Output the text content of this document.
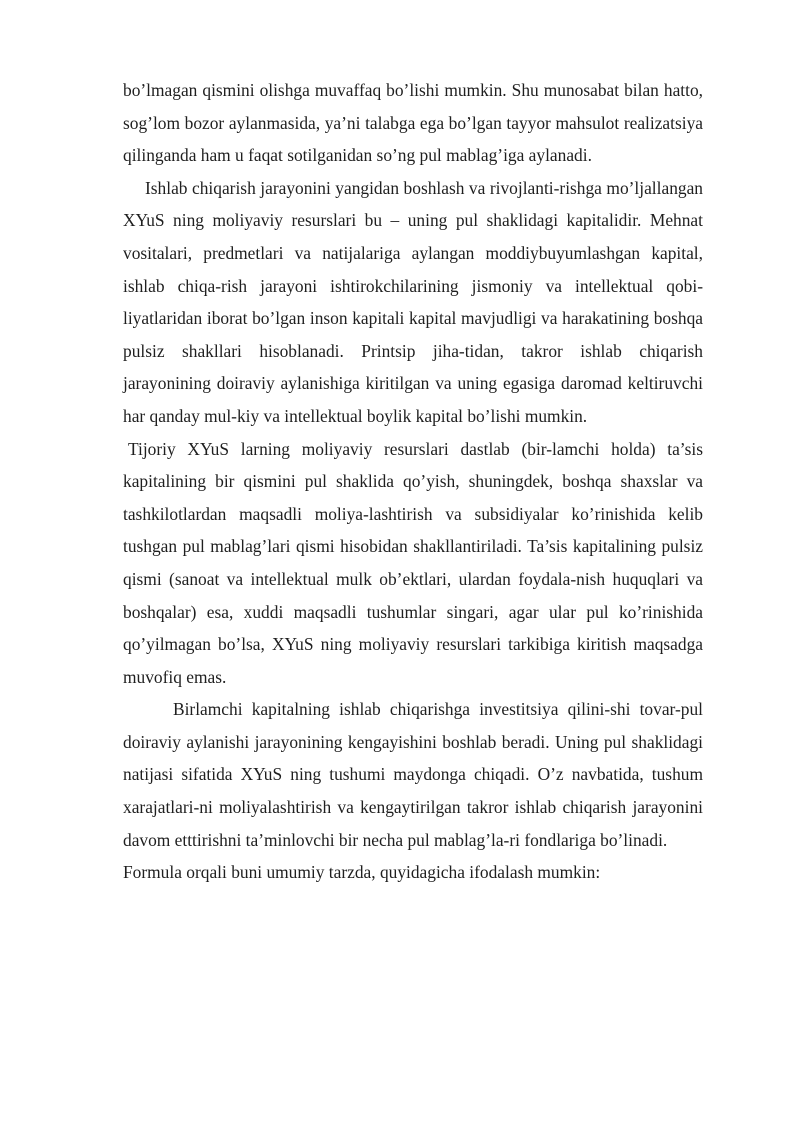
bo’lmagan qismini olishga muvaffaq bo’lishi mumkin. Shu munosabat bilan hatto, sog’lom bozor aylanmasida, ya’ni talabga ega bo’lgan tayyor mahsulot realizatsiya qilinganda ham u faqat sotilganidan so’ng pul mablag’iga aylanadi.

Ishlab chiqarish jarayonini yangidan boshlash va rivojlanti-rishga mo’ljallangan XYuS ning moliyaviy resurslari bu – uning pul shaklidagi kapitalidir. Mehnat vositalari, predmetlari va natijalariga aylangan moddiybuyumlashgan kapital, ishlab chiqa-rish jarayoni ishtirokchilarining jismoniy va intellektual qobi-liyatlaridan iborat bo’lgan inson kapitali kapital mavjudligi va harakatining boshqa pulsiz shakllari hisoblanadi. Printsip jiha-tidan, takror ishlab chiqarish jarayonining doiraviy aylanishiga kiritilgan va uning egasiga daromad keltiruvchi har qanday mul-kiy va intellektual boylik kapital bo’lishi mumkin.

Tijoriy XYuS larning moliyaviy resurslari dastlab (bir-lamchi holda) ta’sis kapitalining bir qismini pul shaklida qo’yish, shuningdek, boshqa shaxslar va tashkilotlardan maqsadli moliya-lashtirish va subsidiyalar ko’rinishida kelib tushgan pul mablag’lari qismi hisobidan shakllantiriladi. Ta’sis kapitalining pulsiz qismi (sanoat va intellektual mulk ob’ektlari, ulardan foydala-nish huquqlari va boshqalar) esa, xuddi maqsadli tushumlar singari, agar ular pul ko’rinishida qo’yilmagan bo’lsa, XYuS ning moliyaviy resurslari tarkibiga kiritish maqsadga muvofiq emas.

Birlamchi kapitalning ishlab chiqarishga investitsiya qilini-shi tovar-pul doiraviy aylanishi jarayonining kengayishini boshlab beradi. Uning pul shaklidagi natijasi sifatida XYuS ning tushumi maydonga chiqadi. O’z navbatida, tushum xarajatlari-ni moliyalashtirish va kengaytirilgan takror ishlab chiqarish jarayonini davom etttirishni ta’minlovchi bir necha pul mablag’la-ri fondlariga bo’linadi.

Formula orqali buni umumiy tarzda, quyidagicha ifodalash mumkin:
